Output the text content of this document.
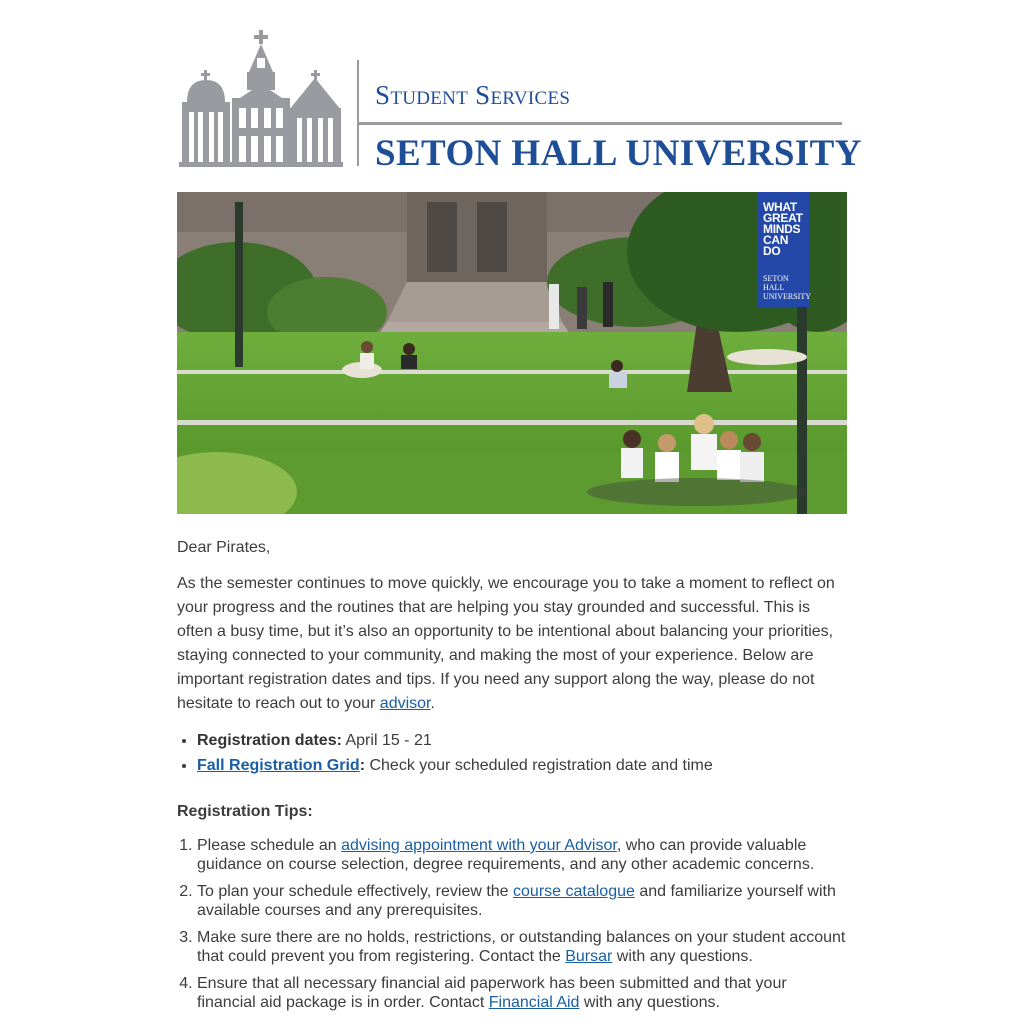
Student Services
SETON HALL UNIVERSITY
WHAT GREAT MINDS CAN DO
SETON HALL UNIVERSITY

Dear Pirates,

As the semester continues to move quickly, we encourage you to take a moment to reflect on your progress and the routines that are helping you stay grounded and successful. This is often a busy time, but it’s also an opportunity to be intentional about balancing your priorities, staying connected to your community, and making the most of your experience. Below are important registration dates and tips. If you need any support along the way, please do not hesitate to reach out to your advisor.

• Registration dates: April 15 - 21
• Fall Registration Grid: Check your scheduled registration date and time

Registration Tips:

1. Please schedule an advising appointment with your Advisor, who can provide valuable guidance on course selection, degree requirements, and any other academic concerns.
2. To plan your schedule effectively, review the course catalogue and familiarize yourself with available courses and any prerequisites.
3. Make sure there are no holds, restrictions, or outstanding balances on your student account that could prevent you from registering. Contact the Bursar with any questions.
4. Ensure that all necessary financial aid paperwork has been submitted and that your financial aid package is in order. Contact Financial Aid with any questions.
